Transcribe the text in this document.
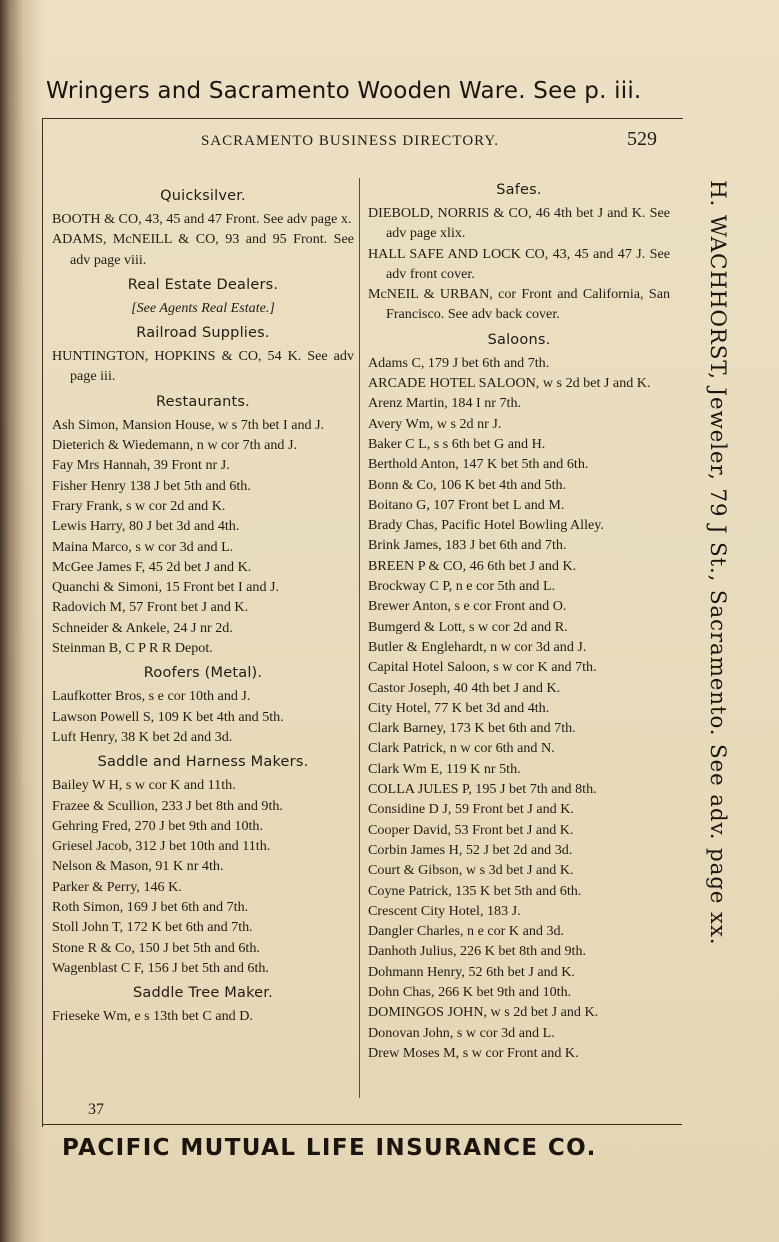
Wringers and Sacramento Wooden Ware. See p. iii.
SACRAMENTO BUSINESS DIRECTORY.	529
Quicksilver.
BOOTH & CO, 43, 45 and 47 Front. See adv page x.
ADAMS, McNEILL & CO, 93 and 95 Front. See adv page viii.
Real Estate Dealers.
[See Agents Real Estate.]
Railroad Supplies.
HUNTINGTON, HOPKINS & CO, 54 K. See adv page iii.
Restaurants.
Ash Simon, Mansion House, w s 7th bet I and J.
Dieterich & Wiedemann, n w cor 7th and J.
Fay Mrs Hannah, 39 Front nr J.
Fisher Henry 138 J bet 5th and 6th.
Frary Frank, s w cor 2d and K.
Lewis Harry, 80 J bet 3d and 4th.
Maina Marco, s w cor 3d and L.
McGee James F, 45 2d bet J and K.
Quanchi & Simoni, 15 Front bet I and J.
Radovich M, 57 Front bet J and K.
Schneider & Ankele, 24 J nr 2d.
Steinman B, C P R R Depot.
Roofers (Metal).
Laufkotter Bros, s e cor 10th and J.
Lawson Powell S, 109 K bet 4th and 5th.
Luft Henry, 38 K bet 2d and 3d.
Saddle and Harness Makers.
Bailey W H, s w cor K and 11th.
Frazee & Scullion, 233 J bet 8th and 9th.
Gehring Fred, 270 J bet 9th and 10th.
Griesel Jacob, 312 J bet 10th and 11th.
Nelson & Mason, 91 K nr 4th.
Parker & Perry, 146 K.
Roth Simon, 169 J bet 6th and 7th.
Stoll John T, 172 K bet 6th and 7th.
Stone R & Co, 150 J bet 5th and 6th.
Wagenblast C F, 156 J bet 5th and 6th.
Saddle Tree Maker.
Frieseke Wm, e s 13th bet C and D.
Safes.
DIEBOLD, NORRIS & CO, 46 4th bet J and K. See adv page xlix.
HALL SAFE AND LOCK CO, 43, 45 and 47 J. See adv front cover.
McNEIL & URBAN, cor Front and California, San Francisco. See adv back cover.
Saloons.
Adams C, 179 J bet 6th and 7th.
ARCADE HOTEL SALOON, w s 2d bet J and K.
Arenz Martin, 184 I nr 7th.
Avery Wm, w s 2d nr J.
Baker C L, s s 6th bet G and H.
Berthold Anton, 147 K bet 5th and 6th.
Bonn & Co, 106 K bet 4th and 5th.
Boitano G, 107 Front bet L and M.
Brady Chas, Pacific Hotel Bowling Alley.
Brink James, 183 J bet 6th and 7th.
BREEN P & CO, 46 6th bet J and K.
Brockway C P, n e cor 5th and L.
Brewer Anton, s e cor Front and O.
Bumgerd & Lott, s w cor 2d and R.
Butler & Englehardt, n w cor 3d and J.
Capital Hotel Saloon, s w cor K and 7th.
Castor Joseph, 40 4th bet J and K.
City Hotel, 77 K bet 3d and 4th.
Clark Barney, 173 K bet 6th and 7th.
Clark Patrick, n w cor 6th and N.
Clark Wm E, 119 K nr 5th.
COLLA JULES P, 195 J bet 7th and 8th.
Considine D J, 59 Front bet J and K.
Cooper David, 53 Front bet J and K.
Corbin James H, 52 J bet 2d and 3d.
Court & Gibson, w s 3d bet J and K.
Coyne Patrick, 135 K bet 5th and 6th.
Crescent City Hotel, 183 J.
Dangler Charles, n e cor K and 3d.
Danhoth Julius, 226 K bet 8th and 9th.
Dohmann Henry, 52 6th bet J and K.
Dohn Chas, 266 K bet 9th and 10th.
DOMINGOS JOHN, w s 2d bet J and K.
Donovan John, s w cor 3d and L.
Drew Moses M, s w cor Front and K.
H. WACHHORST, Jeweler, 79 J St., Sacramento. See adv. page xx.
37
PACIFIC MUTUAL LIFE INSURANCE CO.
